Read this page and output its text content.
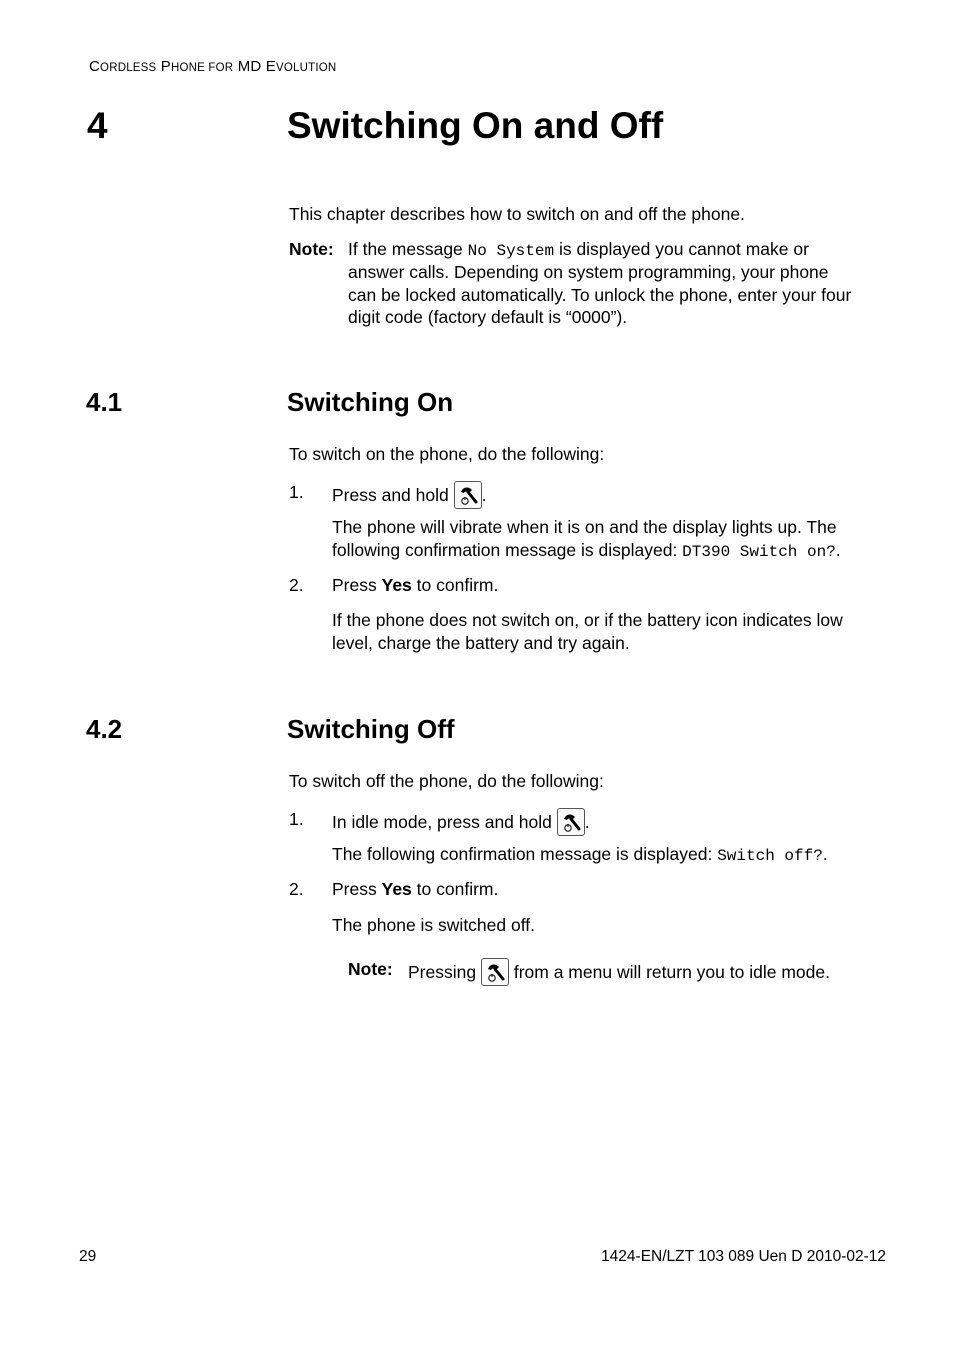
CORDLESS PHONE FOR MD EVOLUTION
4	Switching On and Off
This chapter describes how to switch on and off the phone.
Note: If the message No System is displayed you cannot make or
answer calls. Depending on system programming, your phone
can be locked automatically. To unlock the phone, enter your four
digit code (factory default is “0000”).
4.1	Switching On
To switch on the phone, do the following:
1. Press and hold .
The phone will vibrate when it is on and the display lights up. The
following confirmation message is displayed: DT390 Switch on?.
2. Press Yes to confirm.
If the phone does not switch on, or if the battery icon indicates low
level, charge the battery and try again.
4.2	Switching Off
To switch off the phone, do the following:
1. In idle mode, press and hold .
The following confirmation message is displayed: Switch off?.
2. Press Yes to confirm.
The phone is switched off.
Note: Pressing from a menu will return you to idle mode.
29	1424-EN/LZT 103 089 Uen D 2010-02-12
